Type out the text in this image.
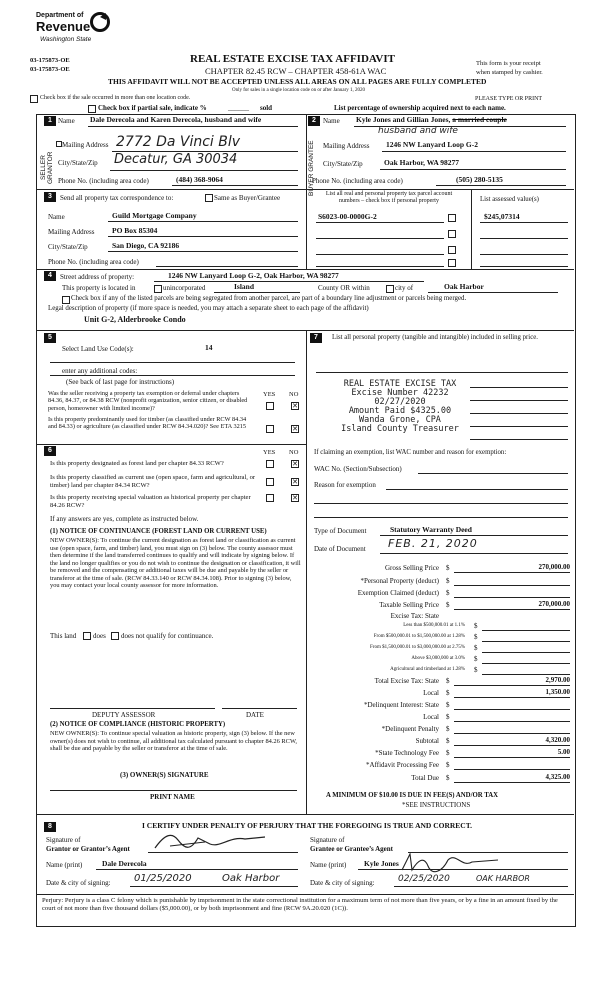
Department of
Revenue
Washington State
03-175873-OE
03-175873-OE
REAL ESTATE EXCISE TAX AFFIDAVIT
CHAPTER 82.45 RCW – CHAPTER 458-61A WAC
THIS AFFIDAVIT WILL NOT BE ACCEPTED UNLESS ALL AREAS ON ALL PAGES ARE FULLY COMPLETED
Only for sales in a single location code on or after January 1, 2020
This form is your receipt
when stamped by cashier.
Check box if the sale occurred in more than one location code.	PLEASE TYPE OR PRINT
Check box if partial sale, indicate %	______ sold	List percentage of ownership acquired next to each name.
1
SELLER GRANTOR
Name Dale Derecola and Karen Derecola, husband and wife
Mailing Address 2772 Da Vinci Blv
City/State/Zip Decatur, GA 30034
Phone No. (including area code)	(484) 368-9064
2
BUYER GRANTEE
Name Kyle Jones and Gillian Jones, a married couple
husband and wife
Mailing Address 1246 NW Lanyard Loop G-2
City/State/Zip	Oak Harbor, WA 98277
Phone No. (including area code)	(505) 280-5135
3	Send all property tax correspondence to:	Same as Buyer/Grantee
Name	Guild Mortgage Company
Mailing Address PO Box 85304
City/State/Zip	San Diego, CA 92186
Phone No. (including area code)
List all real and personal property tax parcel account
numbers – check box if personal property	List assessed value(s)
S6023-00-0000G-2	$245,07314
4	Street address of property:	1246 NW Lanyard Loop G-2, Oak Harbor, WA 98277
This property is located in	unincorporated	Island	County OR within	city of	Oak Harbor
Check box if any of the listed parcels are being segregated from another parcel, are part of a boundary line adjustment or parcels being merged.
Legal description of property (if more space is needed, you may attach a separate sheet to each page of the affidavit)
Unit G-2, Alderbrooke Condo
5
Select Land Use Code(s):	14
enter any additional codes:
(See back of last page for instructions)
YES NO
Was the seller receiving a property tax exemption or deferral under chapters 84.36, 84.37, or 84.38 RCW (nonprofit organization, senior citizen, or disabled person, homeowner with limited income)?	✕
Is this property predominantly used for timber (as classified under RCW 84.34 and 84.33) or agriculture (as classified under RCW 84.34.020)? See ETA 3215	✕
6	YES NO
Is this property designated as forest land per chapter 84.33 RCW?	✕
Is this property classified as current use (open space, farm and agricultural, or timber) land per chapter 84.34 RCW?	✕
Is this property receiving special valuation as historical property per chapter 84.26 RCW?
✕
If any answers are yes, complete as instructed below.
(1) NOTICE OF CONTINUANCE (FOREST LAND OR CURRENT USE)
NEW OWNER(S): To continue the current designation as forest land or classification as current use (open space, farm, and timber) land, you must sign on (3) below. The county assessor must then determine if the land transferred continues to qualify and will indicate by signing below. If the land no longer qualifies or you do not wish to continue the designation or classification, it will be removed and the compensating or additional taxes will be due and payable by the seller or transferor at the time of sale. (RCW 84.33.140 or RCW 84.34.108). Prior to signing (3) below, you may contact your local county assessor for more information.
This land does does not qualify for continuance.
DEPUTY ASSESSOR	DATE
(2) NOTICE OF COMPLIANCE (HISTORIC PROPERTY)
NEW OWNER(S): To continue special valuation as historic property, sign (3) below. If the new owner(s) does not wish to continue, all additional tax calculated pursuant to chapter 84.26 RCW, shall be due and payable by the seller or transferor at the time of sale.
(3) OWNER(S) SIGNATURE
PRINT NAME
7	List all personal property (tangible and intangible) included in selling price.
REAL ESTATE EXCISE TAX
Excise Number 42232
02/27/2020
Amount Paid $4325.00
Wanda Grone, CPA
Island County Treasurer
If claiming an exemption, list WAC number and reason for exemption:
WAC No. (Section/Subsection)
Reason for exemption
Type of Document	Statutory Warranty Deed
Date of Document FEB. 21, 2020
Gross Selling Price $	270,000.00
*Personal Property (deduct) $
Exemption Claimed (deduct) $
Taxable Selling Price $	270,000.00
Excise Tax: State
Less than $500,000.01 at 1.1% $
From $500,000.01 to $1,500,000.00 at 1.28% $
From $1,500,000.01 to $3,000,000.00 at 2.75% $
Above $3,000,000 at 3.0% $
Agricultural and timberland at 1.28% $
Total Excise Tax: State $	2,970.00
Local $	1,350.00
*Delinquent Interest: State $
Local $
*Delinquent Penalty $
Subtotal $	4,320.00
*State Technology Fee $	5.00
*Affidavit Processing Fee $
Total Due $	4,325.00
A MINIMUM OF $10.00 IS DUE IN FEE(S) AND/OR TAX
*SEE INSTRUCTIONS
8	I CERTIFY UNDER PENALTY OF PERJURY THAT THE FOREGOING IS TRUE AND CORRECT.
Signature of
Grantor or Grantor’s Agent
Name (print)	Dale Derecola
Date & city of signing: 01/25/2020	Oak Harbor
Signature of
Grantee or Grantee’s Agent
Name (print) Kyle Jones
Date & city of signing:	02/25/2020	OAK HARBOR
Perjury: Perjury is a class C felony which is punishable by imprisonment in the state correctional institution for a maximum term of not more than five years, or by a fine in an amount fixed by the court of not more than five thousand dollars ($5,000.00), or by both imprisonment and fine (RCW 9A.20.020 (1C)).
